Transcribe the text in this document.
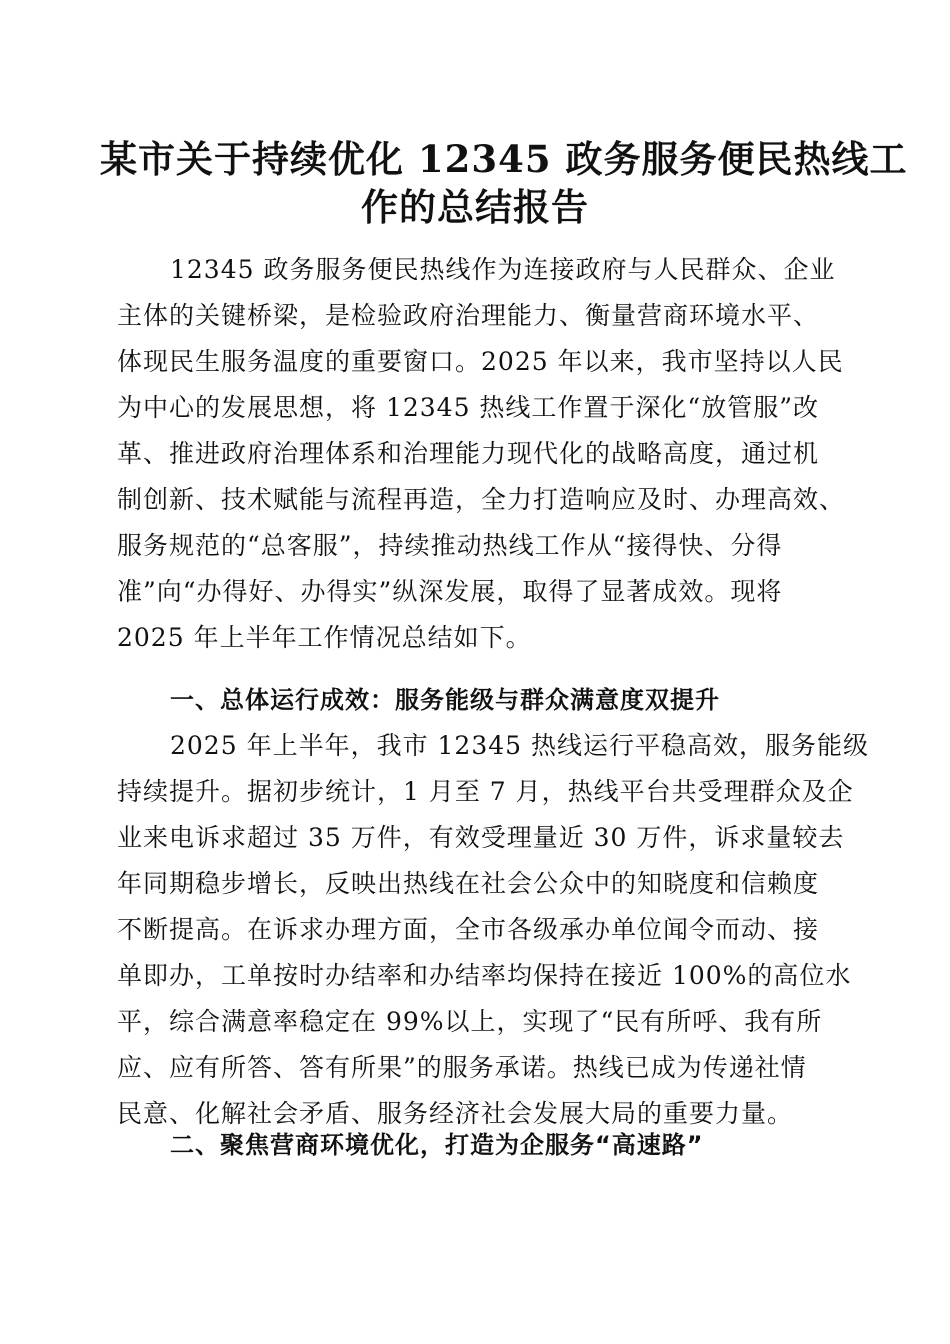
某市关于持续优化 12345 政务服务便民热线工
作的总结报告
12345 政务服务便民热线作为连接政府与人民群众、企业
主体的关键桥梁，是检验政府治理能力、衡量营商环境水平、
体现民生服务温度的重要窗口。2025 年以来，我市坚持以人民
为中心的发展思想，将 12345 热线工作置于深化“放管服”改
革、推进政府治理体系和治理能力现代化的战略高度，通过机
制创新、技术赋能与流程再造，全力打造响应及时、办理高效、
服务规范的“总客服”，持续推动热线工作从“接得快、分得
准”向“办得好、办得实”纵深发展，取得了显著成效。现将
2025 年上半年工作情况总结如下。
一、总体运行成效：服务能级与群众满意度双提升
2025 年上半年，我市 12345 热线运行平稳高效，服务能级
持续提升。据初步统计，1 月至 7 月，热线平台共受理群众及企
业来电诉求超过 35 万件，有效受理量近 30 万件，诉求量较去
年同期稳步增长，反映出热线在社会公众中的知晓度和信赖度
不断提高。在诉求办理方面，全市各级承办单位闻令而动、接
单即办，工单按时办结率和办结率均保持在接近 100%的高位水
平，综合满意率稳定在 99%以上，实现了“民有所呼、我有所
应、应有所答、答有所果”的服务承诺。热线已成为传递社情
民意、化解社会矛盾、服务经济社会发展大局的重要力量。
二、聚焦营商环境优化，打造为企服务“高速路”
